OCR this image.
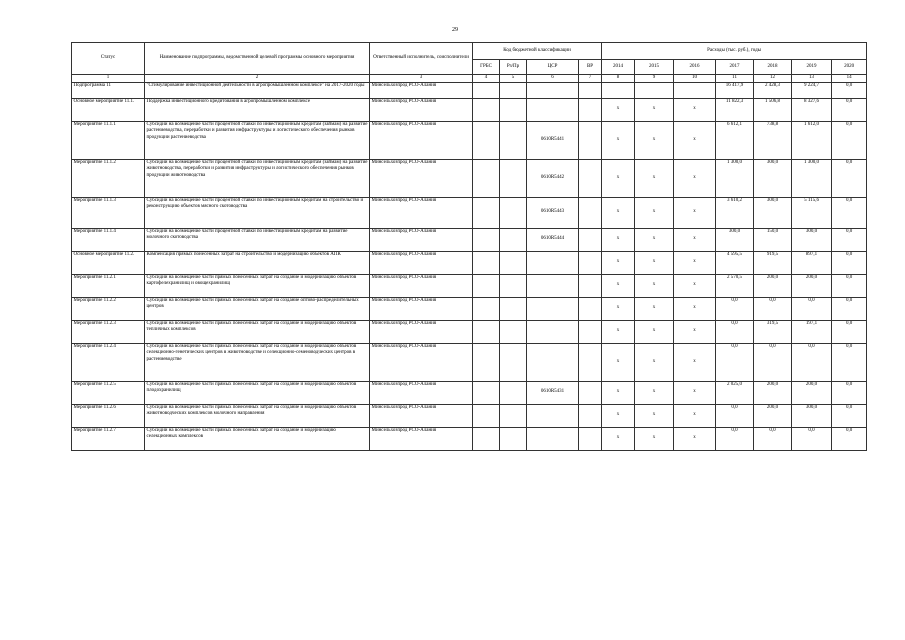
29
Статус	Наименование подпрограммы, ведомственной целевой программы основного мероприятия	Ответственный исполнитель, соисполнители	Код бюджетной классификации				Расходы (тыс. руб.), годы						
			ГРБС	Рз/Пр	ЦСР	ВР	2014	2015	2016	2017	2018	2019	2020
1	2	3	4	5	6	7	8	9	10	11	12	13	14
Подпрограмма 11	"Стимулирование инвестиционной деятельности в агропромышленном комплексе" на 2017-2020 годы	Минсельхозпрод РСО-Алания								16 417,9	2 428,3	9 224,7	0,0
Основное мероприятие 11.1.	Поддержка инвестиционного кредитования в агропромышленном комплексе	Минсельхозпрод РСО-Алания					х	х	х	11 822,3	1 506,8	8 327,6	0,0
Мероприятие 11.1.1	Субсидии на возмещение части процентной ставки по инвестиционным кредитам (займам) на развитие растениеводства, переработки и развития инфраструктуры и логистического обеспечения рынков продукции растениеводства	Минсельхозпрод РСО-Алания			0610R5441		х	х	х	6 612,1	738,8	1 612,0	0,0
Мероприятие 11.1.2	Субсидии на возмещение части процентной ставки по инвестиционным кредитам (займам) на развитие животноводства, переработки и развития инфраструктуры и логистического обеспечения рынков продукции животноводства	Минсельхозпрод РСО-Алания			0610R5442		х	х	х	1 300,0	300,0	1 300,0	0,0
Мероприятие 11.1.3	Субсидии на возмещение части процентной ставки по инвестиционным кредитам на строительство и реконструкцию объектов мясного скотоводства	Минсельхозпрод РСО-Алания			0610R5443		х	х	х	3 610,2	300,0	5 115,6	0,0
Мероприятие 11.1.4	Субсидии на возмещение части процентной ставки по инвестиционным кредитам на развитие молочного скотоводства	Минсельхозпрод РСО-Алания			0610R5444		х	х	х	300,0	150,0	300,0	0,0
Основное мероприятие 11.2.	Компенсация прямых понесенных затрат на строительство и модернизацию объектов АПК	Минсельхозпрод РСО-Алания					х	х	х	4 595,5	919,5	897,1	0,0
Мероприятие 11.2.1	Субсидии на возмещение части прямых понесенных затрат на создание и модернизацию объектов картофелехранилищ и овощехранилищ	Минсельхозпрод РСО-Алания					х	х	х	2 570,5	200,0	200,0	0,0
Мероприятие 11.2.2	Субсидии на возмещение части прямых понесенных затрат на создание оптово-распределительных центров	Минсельхозпрод РСО-Алания					х	х	х	0,0	0,0	0,0	0,0
Мероприятие 11.2.3	Субсидии на возмещение части прямых понесенных затрат на создание и модернизацию объектов тепличных комплексов	Минсельхозпрод РСО-Алания					х	х	х	0,0	319,5	197,1	0,0
Мероприятие 11.2.4	Субсидии на возмещение части прямых понесенных затрат на создание и модернизацию объектов селекционно-генетических центров в животноводстве и селекционно-семеноводческих центров в растениеводстве	Минсельхозпрод РСО-Алания					х	х	х	0,0	0,0	0,0	0,0
Мероприятие 11.2.5	Субсидии на возмещение части прямых понесенных затрат на создание и модернизацию объектов плодохранилищ	Минсельхозпрод РСО-Алания			0610R5431		х	х	х	2 025,0	200,0	200,0	0,0
Мероприятие 11.2.6	Субсидии на возмещение части прямых понесенных затрат на создание и модернизацию объектов животноводческих комплексов молочного направления	Минсельхозпрод РСО-Алания					х	х	х	0,0	200,0	300,0	0,0
Мероприятие 11.2.7	Субсидии на возмещение части прямых понесенных затрат на создание и модернизацию селекционных комплексов	Минсельхозпрод РСО-Алания					х	х	х	0,0	0,0	0,0	0,0
